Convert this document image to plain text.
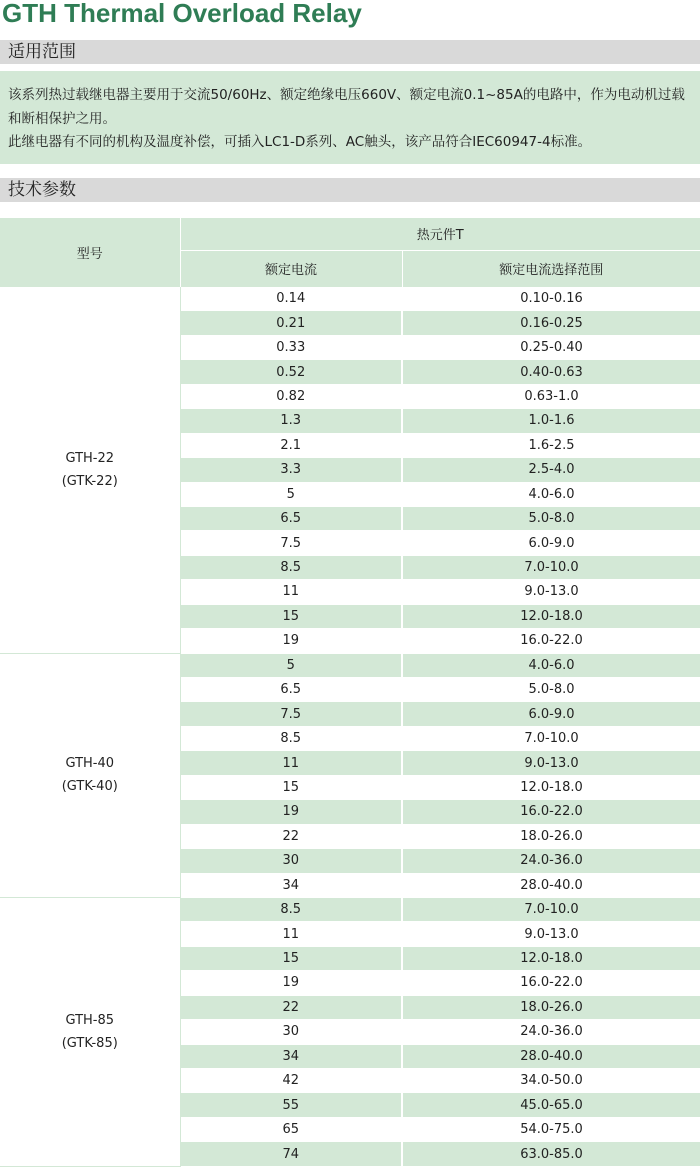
GTH Thermal Overload Relay
适用范围

该系列热过载继电器主要用于交流50/60Hz、额定绝缘电压660V、额定电流0.1~85A的电路中，作为电动机过载和断相保护之用。

此继电器有不同的机构及温度补偿，可插入LC1-D系列、AC触头，该产品符合IEC60947-4标准。

技术参数
型号	热元件T	
	额定电流	额定电流选择范围

GTH-22
(GTK-22)	0.14	0.10-0.16
	0.21	0.16-0.25
	0.33	0.25-0.40
	0.52	0.40-0.63
	0.82	0.63-1.0
	1.3	1.0-1.6
	2.1	1.6-2.5
	3.3	2.5-4.0
	5	4.0-6.0
	6.5	5.0-8.0
	7.5	6.0-9.0
	8.5	7.0-10.0
	11	9.0-13.0
	15	12.0-18.0
	19	16.0-22.0

GTH-40
(GTK-40)	5	4.0-6.0
	6.5	5.0-8.0
	7.5	6.0-9.0
	8.5	7.0-10.0
	11	9.0-13.0
	15	12.0-18.0
	19	16.0-22.0
	22	18.0-26.0
	30	24.0-36.0
	34	28.0-40.0

GTH-85
(GTK-85)	8.5	7.0-10.0
	11	9.0-13.0
	15	12.0-18.0
	19	16.0-22.0
	22	18.0-26.0
	30	24.0-36.0
	34	28.0-40.0
	42	34.0-50.0
	55	45.0-65.0
	65	54.0-75.0
	74	63.0-85.0
